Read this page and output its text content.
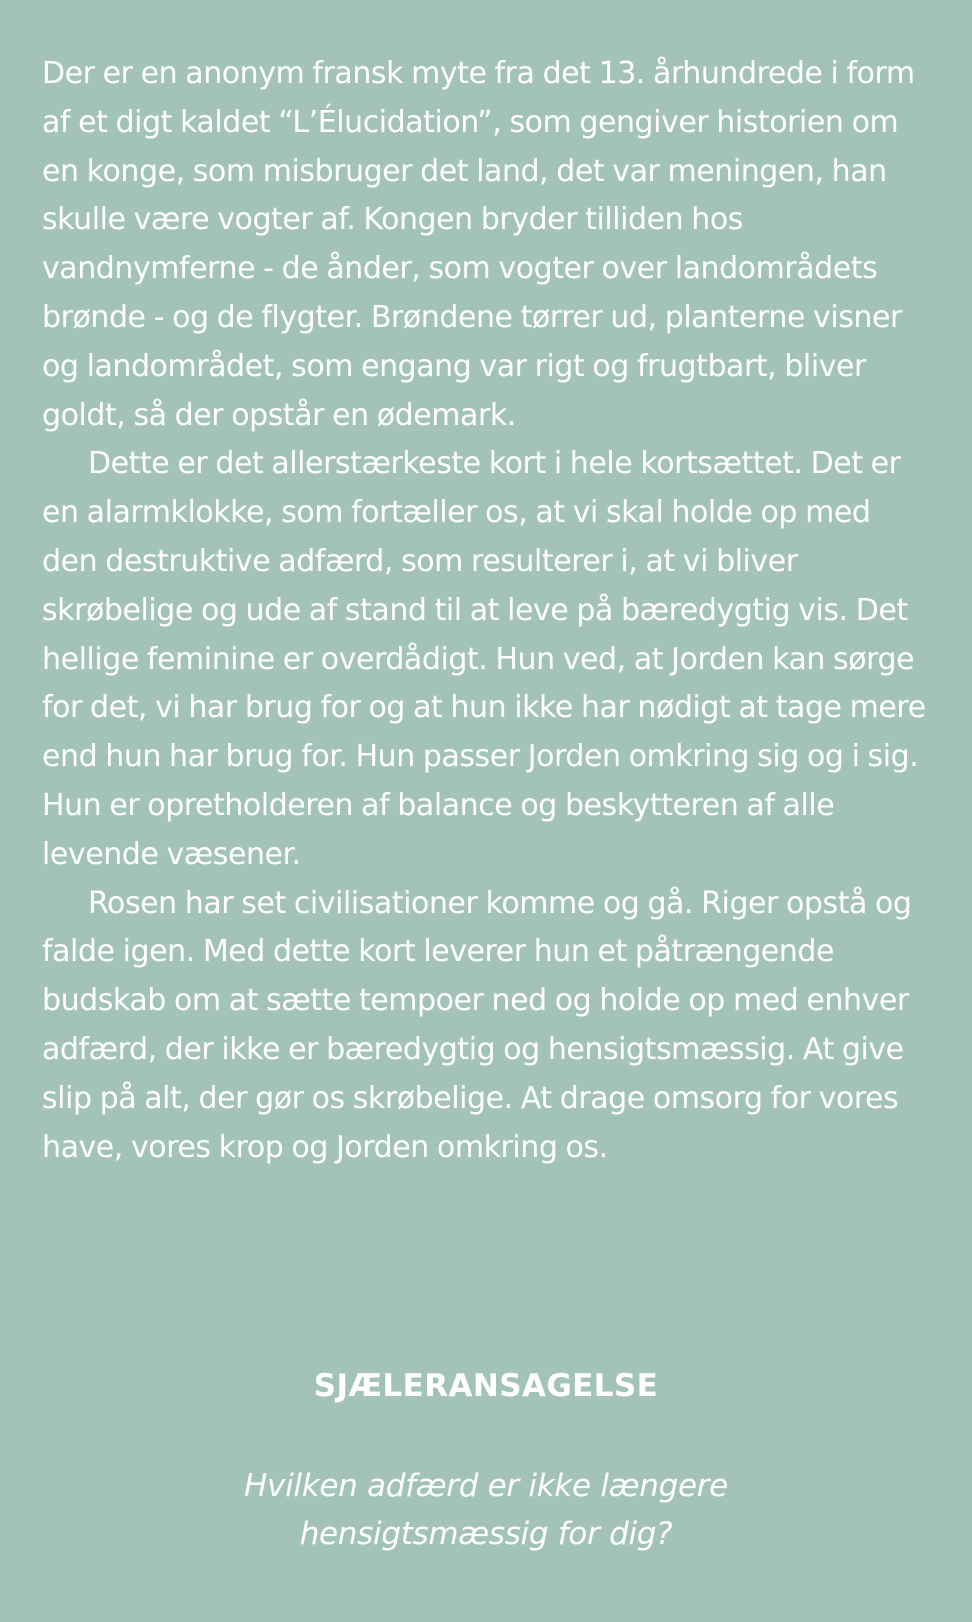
Der er en anonym fransk myte fra det 13. århundrede i form af et digt kaldet “L’Élucidation”, som gengiver historien om en konge, som misbruger det land, det var meningen, han skulle være vogter af. Kongen bryder tilliden hos vandnymferne - de ånder, som vogter over landområdets brønde - og de flygter. Brøndene tørrer ud, planterne visner og landområdet, som engang var rigt og frugtbart, bliver goldt, så der opstår en ødemark.

Dette er det allerstærkeste kort i hele kortsættet. Det er en alarmklokke, som fortæller os, at vi skal holde op med den destruktive adfærd, som resulterer i, at vi bliver skrøbelige og ude af stand til at leve på bæredygtig vis. Det hellige feminine er overdådigt. Hun ved, at Jorden kan sørge for det, vi har brug for og at hun ikke har nødigt at tage mere end hun har brug for. Hun passer Jorden omkring sig og i sig. Hun er opretholderen af balance og beskytteren af alle levende væsener.

Rosen har set civilisationer komme og gå. Riger opstå og falde igen. Med dette kort leverer hun et påtrængende budskab om at sætte tempoer ned og holde op med enhver adfærd, der ikke er bæredygtig og hensigtsmæssig. At give slip på alt, der gør os skrøbelige. At drage omsorg for vores have, vores krop og Jorden omkring os.

SJÆLERANSAGELSE

Hvilken adfærd er ikke længere
hensigtsmæssig for dig?
